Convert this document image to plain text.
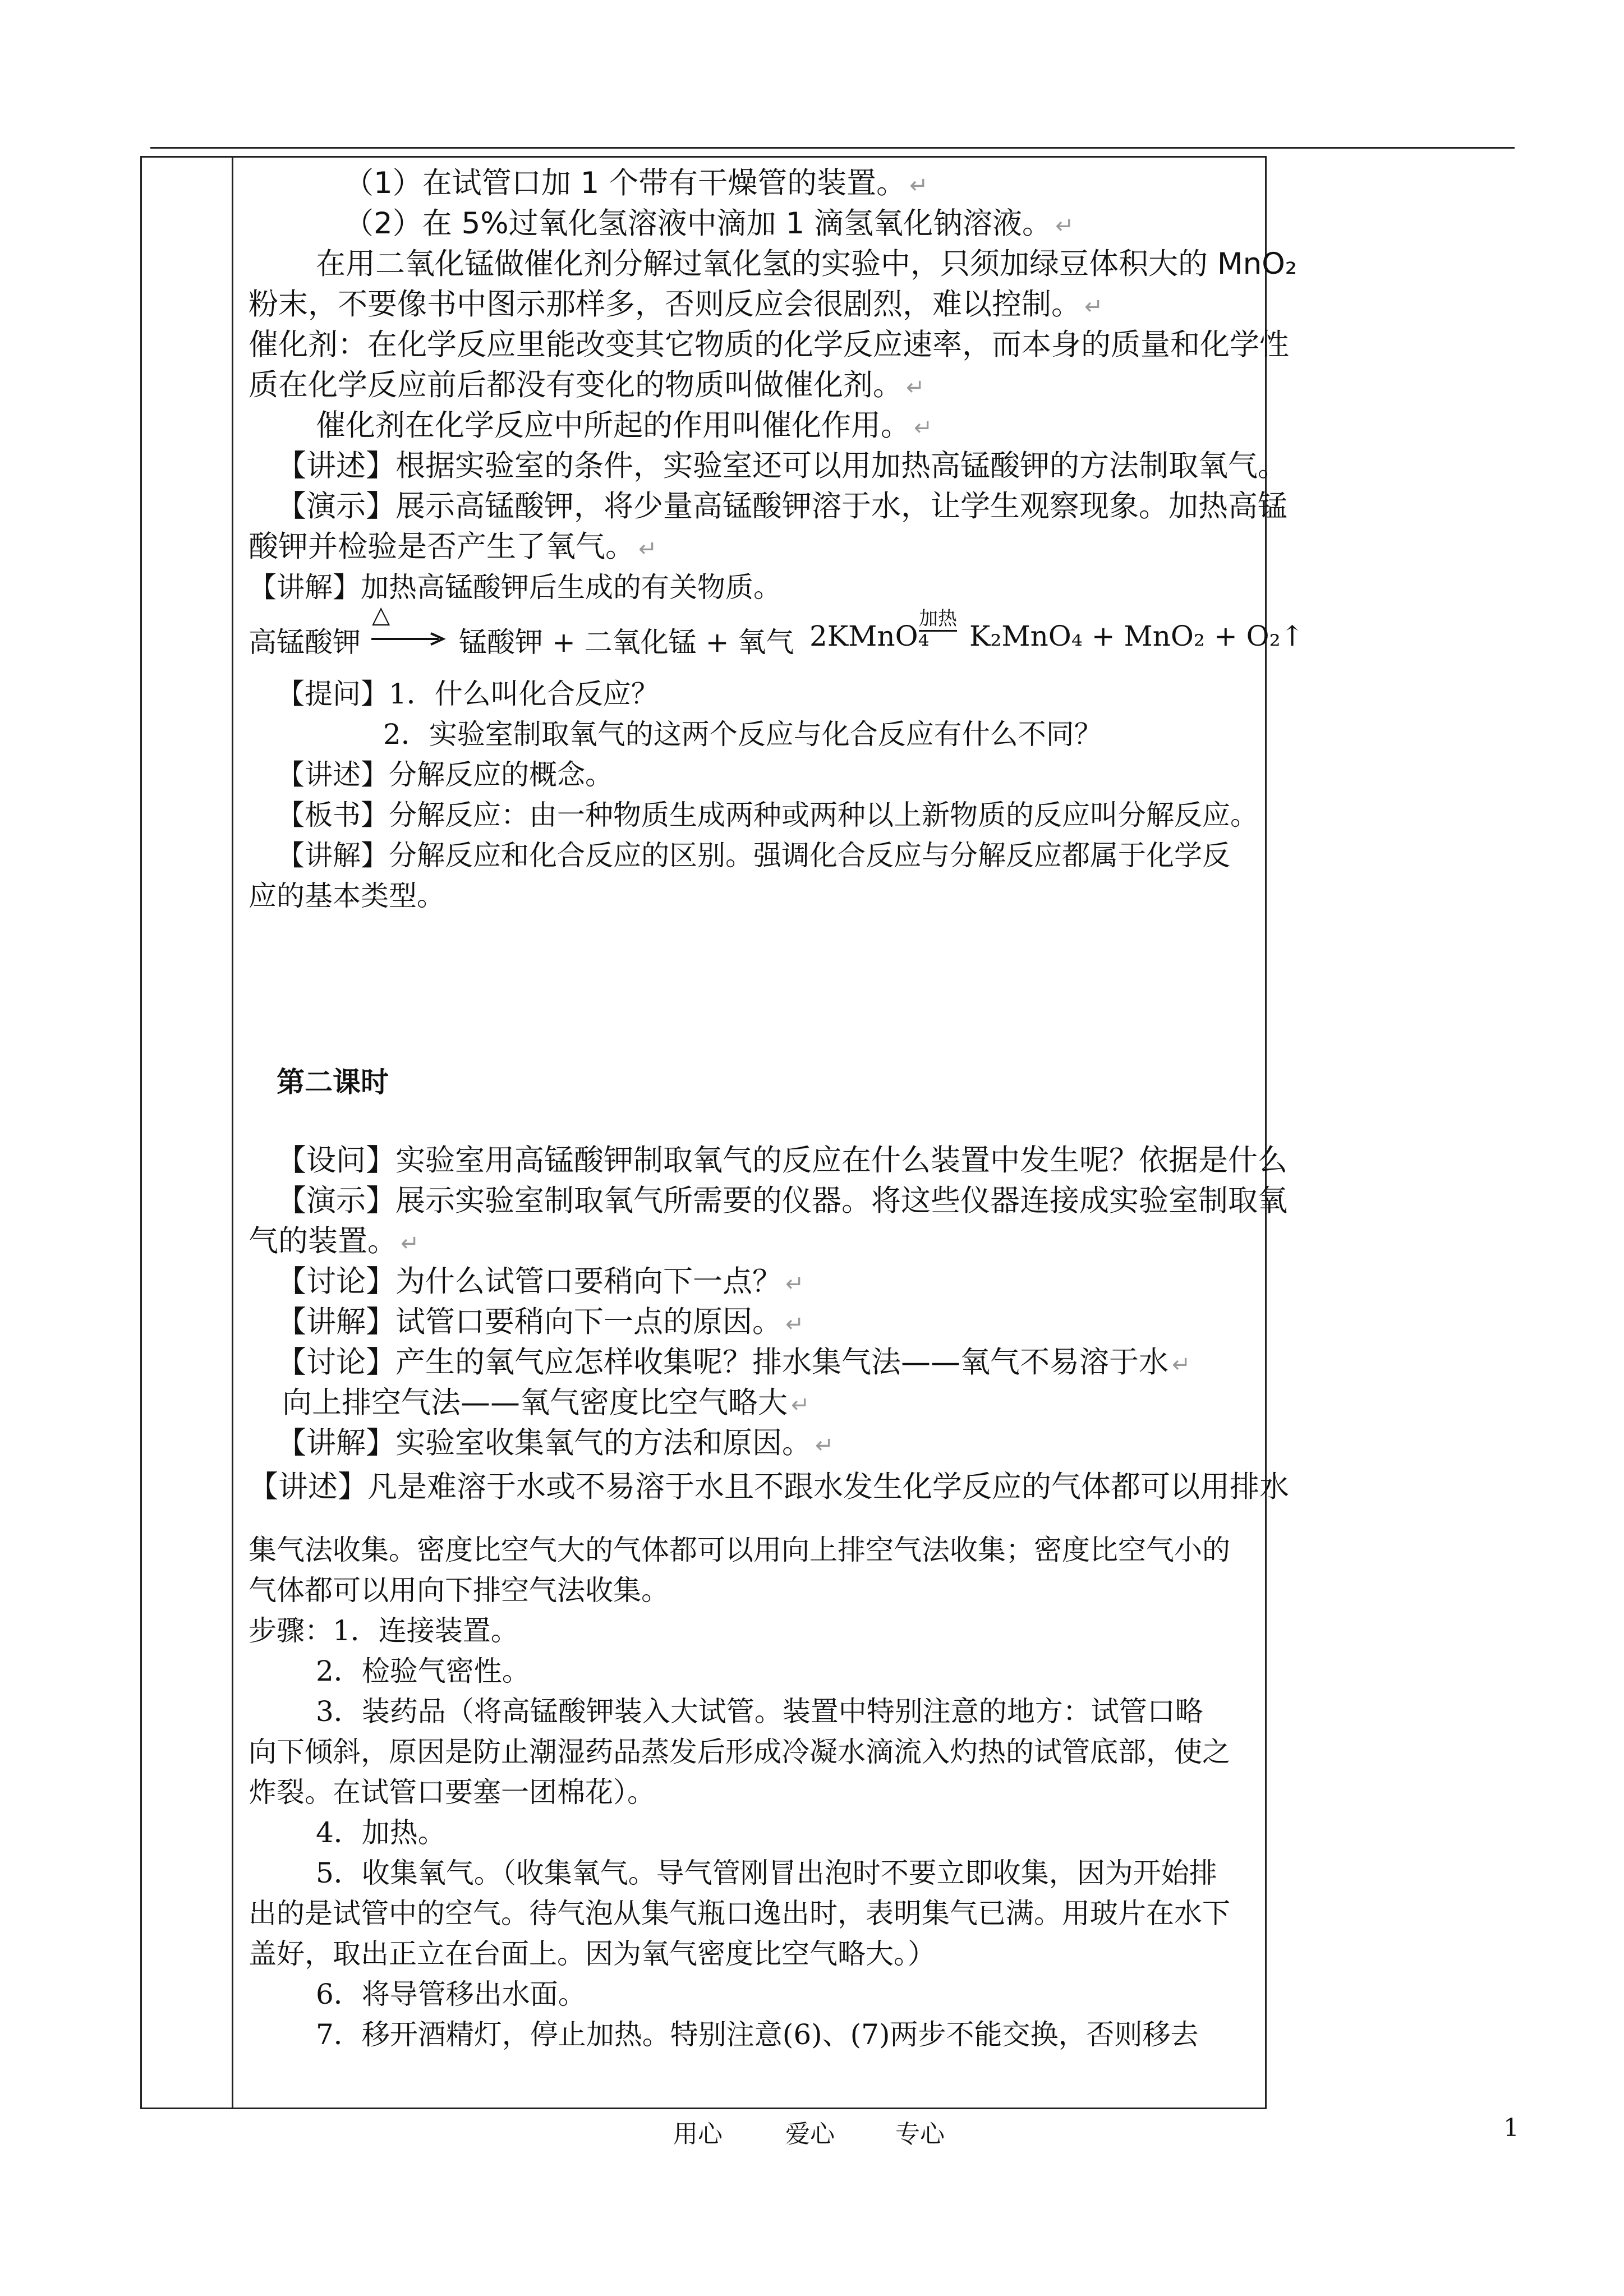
（1）在试管口加 1 个带有干燥管的装置。 ↵
（2）在 5%过氧化氢溶液中滴加 1 滴氢氧化钠溶液。 ↵
在用二氧化锰做催化剂分解过氧化氢的实验中，只须加绿豆体积大的 MnO₂
粉末，不要像书中图示那样多，否则反应会很剧烈，难以控制。 ↵
催化剂：在化学反应里能改变其它物质的化学反应速率，而本身的质量和化学性
质在化学反应前后都没有变化的物质叫做催化剂。 ↵
催化剂在化学反应中所起的作用叫催化作用。 ↵
【讲述】根据实验室的条件，实验室还可以用加热高锰酸钾的方法制取氧气。
【演示】展示高锰酸钾，将少量高锰酸钾溶于水，让学生观察现象。加热高锰
酸钾并检验是否产生了氧气。 ↵
【讲解】加热高锰酸钾后生成的有关物质。
高锰酸钾
△
→ 锰酸钾 + 二氧化锰 + 氧气 2KMnO₄
加热
K₂MnO₄ + MnO₂ + O₂↑
【提问】1．什么叫化合反应？
2．实验室制取氧气的这两个反应与化合反应有什么不同？
【讲述】分解反应的概念。
【板书】分解反应：由一种物质生成两种或两种以上新物质的反应叫分解反应。
【讲解】分解反应和化合反应的区别。强调化合反应与分解反应都属于化学反
应的基本类型。
第二课时
【设问】实验室用高锰酸钾制取氧气的反应在什么装置中发生呢？依据是什么
【演示】展示实验室制取氧气所需要的仪器。将这些仪器连接成实验室制取氧
气的装置。 ↵
【讨论】为什么试管口要稍向下一点？ ↵
【讲解】试管口要稍向下一点的原因。 ↵
【讨论】产生的氧气应怎样收集呢？排水集气法——氧气不易溶于水 ↵
向上排空气法——氧气密度比空气略大 ↵
【讲解】实验室收集氧气的方法和原因。 ↵
【讲述】凡是难溶于水或不易溶于水且不跟水发生化学反应的气体都可以用排水
集气法收集。密度比空气大的气体都可以用向上排空气法收集；密度比空气小的
气体都可以用向下排空气法收集。
步骤：1．连接装置。
2．检验气密性。
3．装药品（将高锰酸钾装入大试管。装置中特别注意的地方：试管口略
向下倾斜，原因是防止潮湿药品蒸发后形成冷凝水滴流入灼热的试管底部，使之
炸裂。在试管口要塞一团棉花）。
4．加热。
5．收集氧气。（收集氧气。导气管刚冒出泡时不要立即收集，因为开始排
出的是试管中的空气。待气泡从集气瓶口逸出时，表明集气已满。用玻片在水下
盖好，取出正立在台面上。因为氧气密度比空气略大。）
6．将导管移出水面。
7．移开酒精灯，停止加热。特别注意(6)、(7)两步不能交换，否则移去
用心	爱心 专心	1
